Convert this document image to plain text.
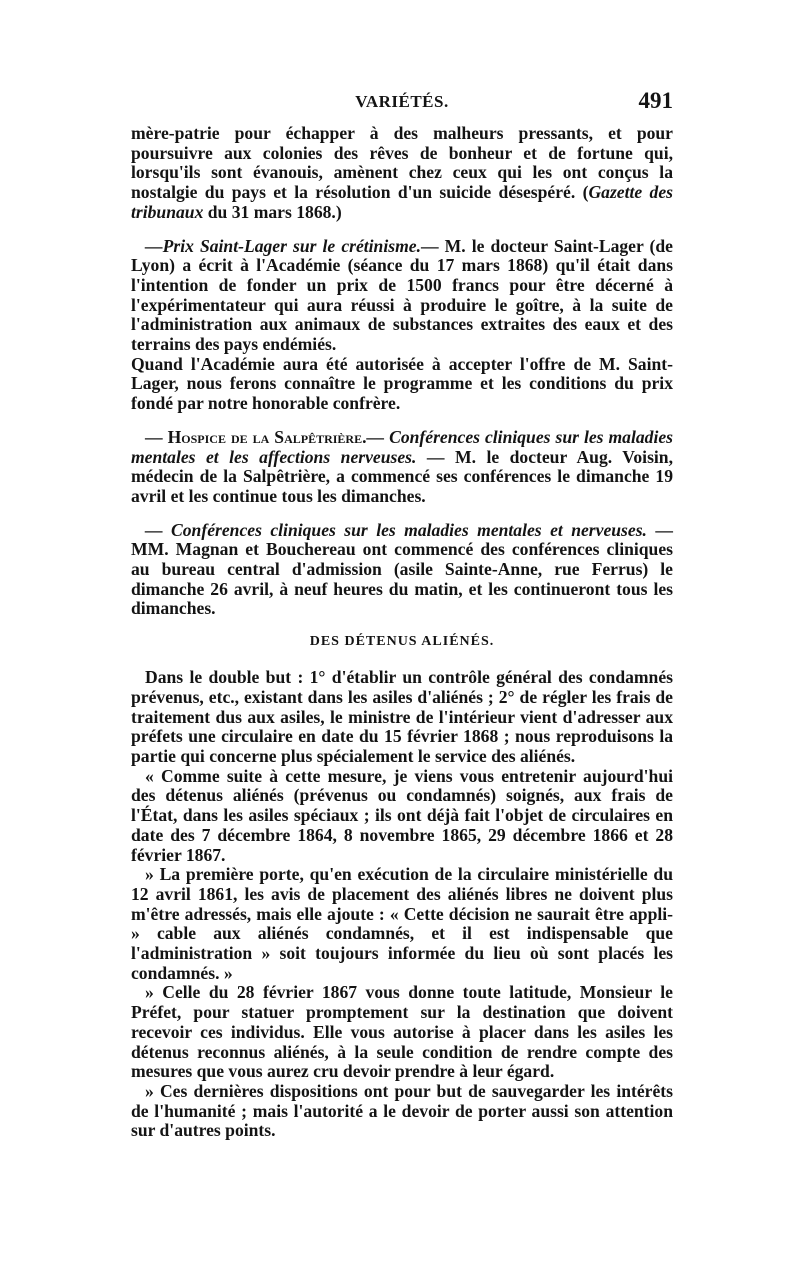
VARIÉTÉS.	491

mère-patrie pour échapper à des malheurs pressants, et pour poursuivre aux colonies des rêves de bonheur et de fortune qui, lorsqu'ils sont évanouis, amènent chez ceux qui les ont conçus la nostalgie du pays et la résolution d'un suicide désespéré. (Gazette des tribunaux du 31 mars 1868.)

—Prix Saint-Lager sur le crétinisme.— M. le docteur Saint-Lager (de Lyon) a écrit à l'Académie (séance du 17 mars 1868) qu'il était dans l'intention de fonder un prix de 1500 francs pour être décerné à l'expérimentateur qui aura réussi à produire le goître, à la suite de l'administration aux animaux de substances extraites des eaux et des terrains des pays endémiés.

Quand l'Académie aura été autorisée à accepter l'offre de M. Saint-Lager, nous ferons connaître le programme et les conditions du prix fondé par notre honorable confrère.

— Hospice de la Salpêtrière.— Conférences cliniques sur les maladies mentales et les affections nerveuses. — M. le docteur Aug. Voisin, médecin de la Salpêtrière, a commencé ses conférences le dimanche 19 avril et les continue tous les dimanches.

— Conférences cliniques sur les maladies mentales et nerveuses. — MM. Magnan et Bouchereau ont commencé des conférences cliniques au bureau central d'admission (asile Sainte-Anne, rue Ferrus) le dimanche 26 avril, à neuf heures du matin, et les continueront tous les dimanches.

DES DÉTENUS ALIÉNÉS.

Dans le double but : 1° d'établir un contrôle général des condamnés prévenus, etc., existant dans les asiles d'aliénés ; 2° de régler les frais de traitement dus aux asiles, le ministre de l'intérieur vient d'adresser aux préfets une circulaire en date du 15 février 1868 ; nous reproduisons la partie qui concerne plus spécialement le service des aliénés.

« Comme suite à cette mesure, je viens vous entretenir aujourd'hui des détenus aliénés (prévenus ou condamnés) soignés, aux frais de l'État, dans les asiles spéciaux ; ils ont déjà fait l'objet de circulaires en date des 7 décembre 1864, 8 novembre 1865, 29 décembre 1866 et 28 février 1867.

» La première porte, qu'en exécution de la circulaire ministérielle du 12 avril 1861, les avis de placement des aliénés libres ne doivent plus m'être adressés, mais elle ajoute : « Cette décision ne saurait être appli- » cable aux aliénés condamnés, et il est indispensable que l'administration » soit toujours informée du lieu où sont placés les condamnés. »

» Celle du 28 février 1867 vous donne toute latitude, Monsieur le Préfet, pour statuer promptement sur la destination que doivent recevoir ces individus. Elle vous autorise à placer dans les asiles les détenus reconnus aliénés, à la seule condition de rendre compte des mesures que vous aurez cru devoir prendre à leur égard.

» Ces dernières dispositions ont pour but de sauvegarder les intérêts de l'humanité ; mais l'autorité a le devoir de porter aussi son attention sur d'autres points.
